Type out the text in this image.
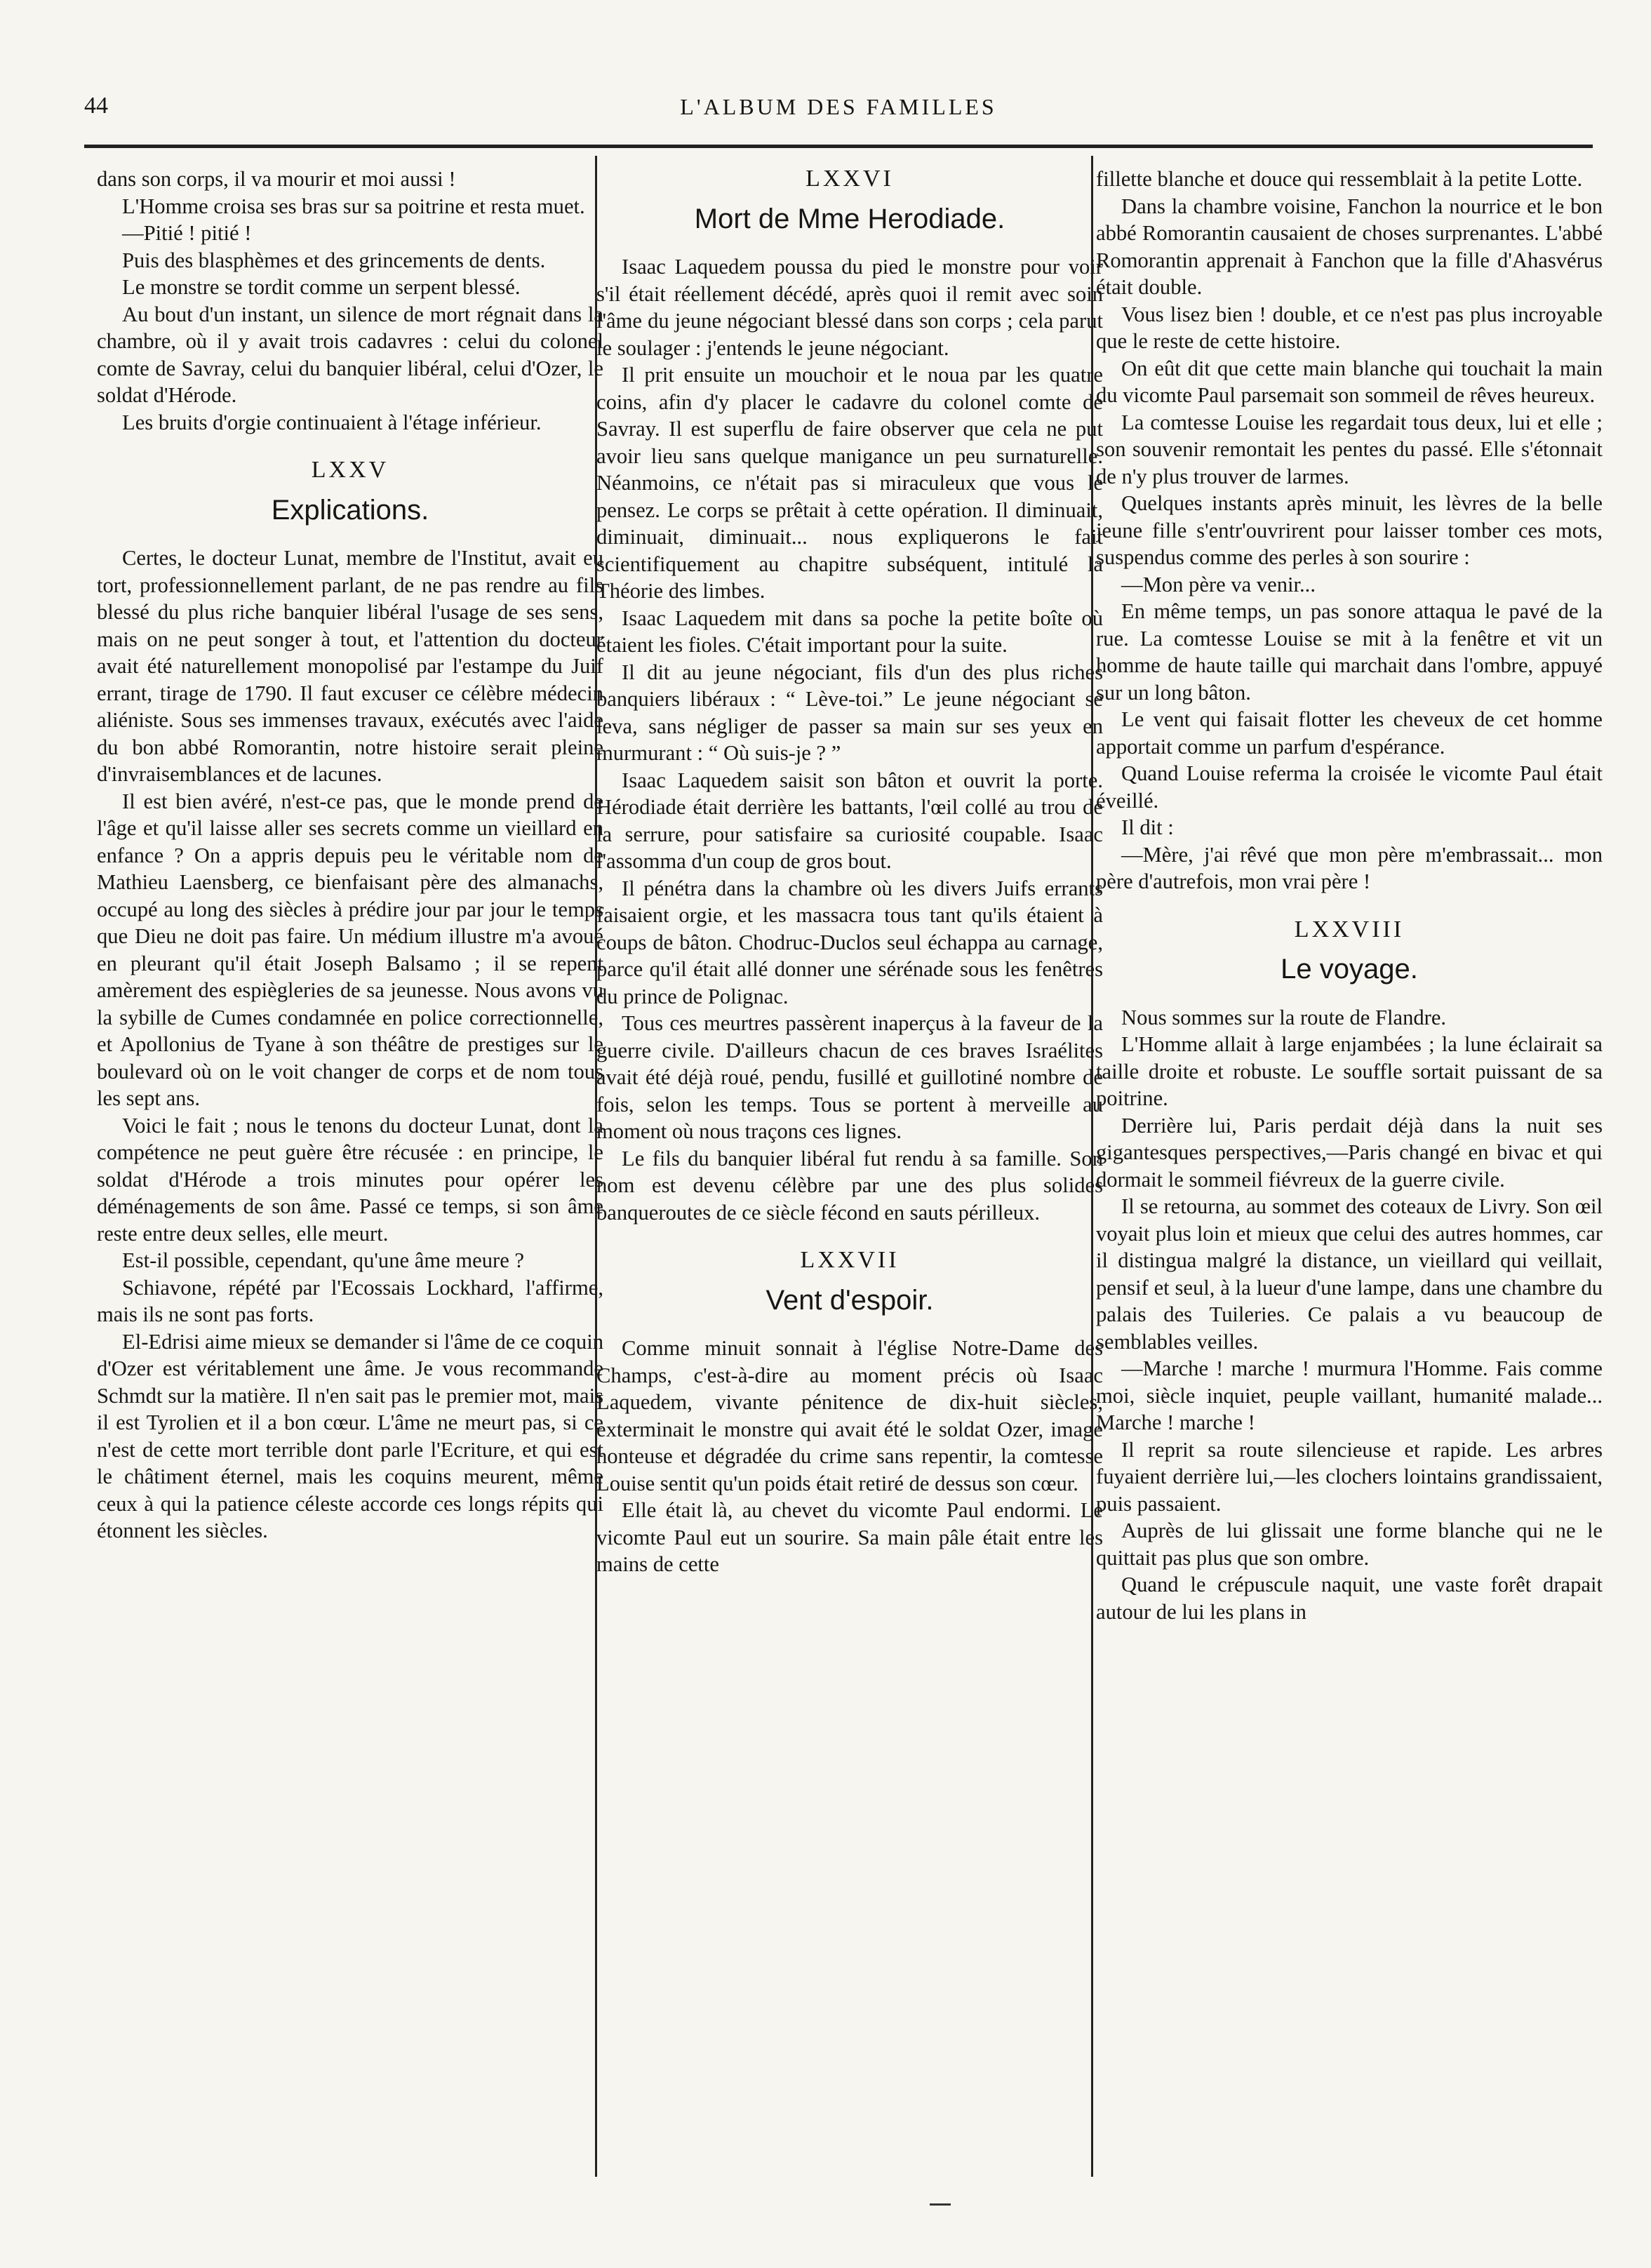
44	L'ALBUM DES FAMILLES

dans son corps, il va mourir et moi aussi !

L'Homme croisa ses bras sur sa poitrine et resta muet.

—Pitié ! pitié !

Puis des blasphèmes et des grincements de dents.

Le monstre se tordit comme un serpent blessé.

Au bout d'un instant, un silence de mort régnait dans la chambre, où il y avait trois cadavres : celui du colonel comte de Savray, celui du banquier libéral, celui d'Ozer, le soldat d'Hérode.

Les bruits d'orgie continuaient à l'étage inférieur.

LXXV
Explications.

Certes, le docteur Lunat, membre de l'Institut, avait eu tort, professionnellement parlant, de ne pas rendre au fils blessé du plus riche banquier libéral l'usage de ses sens, mais on ne peut songer à tout, et l'attention du docteur avait été naturellement monopolisé par l'estampe du Juif errant, tirage de 1790. Il faut excuser ce célèbre médecin aliéniste. Sous ses immenses travaux, exécutés avec l'aide du bon abbé Romorantin, notre histoire serait pleine d'invraisemblances et de lacunes.

Il est bien avéré, n'est-ce pas, que le monde prend de l'âge et qu'il laisse aller ses secrets comme un vieillard en enfance ? On a appris depuis peu le véritable nom de Mathieu Laensberg, ce bienfaisant père des almanachs, occupé au long des siècles à prédire jour par jour le temps que Dieu ne doit pas faire. Un médium illustre m'a avoué en pleurant qu'il était Joseph Balsamo ; il se repent amèrement des espiègleries de sa jeunesse. Nous avons vu la sybille de Cumes condamnée en police correctionnelle, et Apollonius de Tyane à son théâtre de prestiges sur le boulevard où on le voit changer de corps et de nom tous les sept ans.

Voici le fait ; nous le tenons du docteur Lunat, dont la compétence ne peut guère être récusée : en principe, le soldat d'Hérode a trois minutes pour opérer les déménagements de son âme. Passé ce temps, si son âme reste entre deux selles, elle meurt.

Est-il possible, cependant, qu'une âme meure ?

Schiavone, répété par l'Ecossais Lockhard, l'affirme, mais ils ne sont pas forts.

El-Edrisi aime mieux se demander si l'âme de ce coquin d'Ozer est véritablement une âme. Je vous recommande Schmdt sur la matière. Il n'en sait pas le premier mot, mais il est Tyrolien et il a bon cœur. L'âme ne meurt pas, si ce n'est de cette mort terrible dont parle l'Ecriture, et qui est le châtiment éternel, mais les coquins meurent, même ceux à qui la patience céleste accorde ces longs répits qui étonnent les siècles.

LXXVI
Mort de Mme Herodiade.

Isaac Laquedem poussa du pied le monstre pour voir s'il était réellement décédé, après quoi il remit avec soin l'âme du jeune négociant blessé dans son corps ; cela parut le soulager : j'entends le jeune négociant.

Il prit ensuite un mouchoir et le noua par les quatre coins, afin d'y placer le cadavre du colonel comte de Savray. Il est superflu de faire observer que cela ne put avoir lieu sans quelque manigance un peu surnaturelle. Néanmoins, ce n'était pas si miraculeux que vous le pensez. Le corps se prêtait à cette opération. Il diminuait, diminuait, diminuait... nous expliquerons le fait scientifiquement au chapitre subséquent, intitulé la Théorie des limbes.

Isaac Laquedem mit dans sa poche la petite boîte où étaient les fioles. C'était important pour la suite.

Il dit au jeune négociant, fils d'un des plus riches banquiers libéraux : “ Lève-toi.” Le jeune négociant se leva, sans négliger de passer sa main sur ses yeux en murmurant : “ Où suis-je ? ”

Isaac Laquedem saisit son bâton et ouvrit la porte. Hérodiade était derrière les battants, l'œil collé au trou de la serrure, pour satisfaire sa curiosité coupable. Isaac l'assomma d'un coup de gros bout.

Il pénétra dans la chambre où les divers Juifs errants faisaient orgie, et les massacra tous tant qu'ils étaient à coups de bâton. Chodruc-Duclos seul échappa au carnage, parce qu'il était allé donner une sérénade sous les fenêtres du prince de Polignac.

Tous ces meurtres passèrent inaperçus à la faveur de la guerre civile. D'ailleurs chacun de ces braves Israélites avait été déjà roué, pendu, fusillé et guillotiné nombre de fois, selon les temps. Tous se portent à merveille au moment où nous traçons ces lignes.

Le fils du banquier libéral fut rendu à sa famille. Son nom est devenu célèbre par une des plus solides banqueroutes de ce siècle fécond en sauts périlleux.

LXXVII
Vent d'espoir.

Comme minuit sonnait à l'église Notre-Dame des Champs, c'est-à-dire au moment précis où Isaac Laquedem, vivante pénitence de dix-huit siècles, exterminait le monstre qui avait été le soldat Ozer, image honteuse et dégradée du crime sans repentir, la comtesse Louise sentit qu'un poids était retiré de dessus son cœur.

Elle était là, au chevet du vicomte Paul endormi. Le vicomte Paul eut un sourire. Sa main pâle était entre les mains de cette

fillette blanche et douce qui ressemblait à la petite Lotte.

Dans la chambre voisine, Fanchon la nourrice et le bon abbé Romorantin causaient de choses surprenantes. L'abbé Romorantin apprenait à Fanchon que la fille d'Ahasvérus était double.

Vous lisez bien ! double, et ce n'est pas plus incroyable que le reste de cette histoire.

On eût dit que cette main blanche qui touchait la main du vicomte Paul parsemait son sommeil de rêves heureux.

La comtesse Louise les regardait tous deux, lui et elle ; son souvenir remontait les pentes du passé. Elle s'étonnait de n'y plus trouver de larmes.

Quelques instants après minuit, les lèvres de la belle jeune fille s'entr'ouvrirent pour laisser tomber ces mots, suspendus comme des perles à son sourire :

—Mon père va venir...

En même temps, un pas sonore attaqua le pavé de la rue. La comtesse Louise se mit à la fenêtre et vit un homme de haute taille qui marchait dans l'ombre, appuyé sur un long bâton.

Le vent qui faisait flotter les cheveux de cet homme apportait comme un parfum d'espérance.

Quand Louise referma la croisée le vicomte Paul était éveillé.

Il dit :

—Mère, j'ai rêvé que mon père m'embrassait... mon père d'autrefois, mon vrai père !

LXXVIII
Le voyage.

Nous sommes sur la route de Flandre.

L'Homme allait à large enjambées ; la lune éclairait sa taille droite et robuste. Le souffle sortait puissant de sa poitrine.

Derrière lui, Paris perdait déjà dans la nuit ses gigantesques perspectives,—Paris changé en bivac et qui dormait le sommeil fiévreux de la guerre civile.

Il se retourna, au sommet des coteaux de Livry. Son œil voyait plus loin et mieux que celui des autres hommes, car il distingua malgré la distance, un vieillard qui veillait, pensif et seul, à la lueur d'une lampe, dans une chambre du palais des Tuileries. Ce palais a vu beaucoup de semblables veilles.

—Marche ! marche ! murmura l'Homme. Fais comme moi, siècle inquiet, peuple vaillant, humanité malade... Marche ! marche !

Il reprit sa route silencieuse et rapide. Les arbres fuyaient derrière lui,—les clochers lointains grandissaient, puis passaient.

Auprès de lui glissait une forme blanche qui ne le quittait pas plus que son ombre.

Quand le crépuscule naquit, une vaste forêt drapait autour de lui les plans in
